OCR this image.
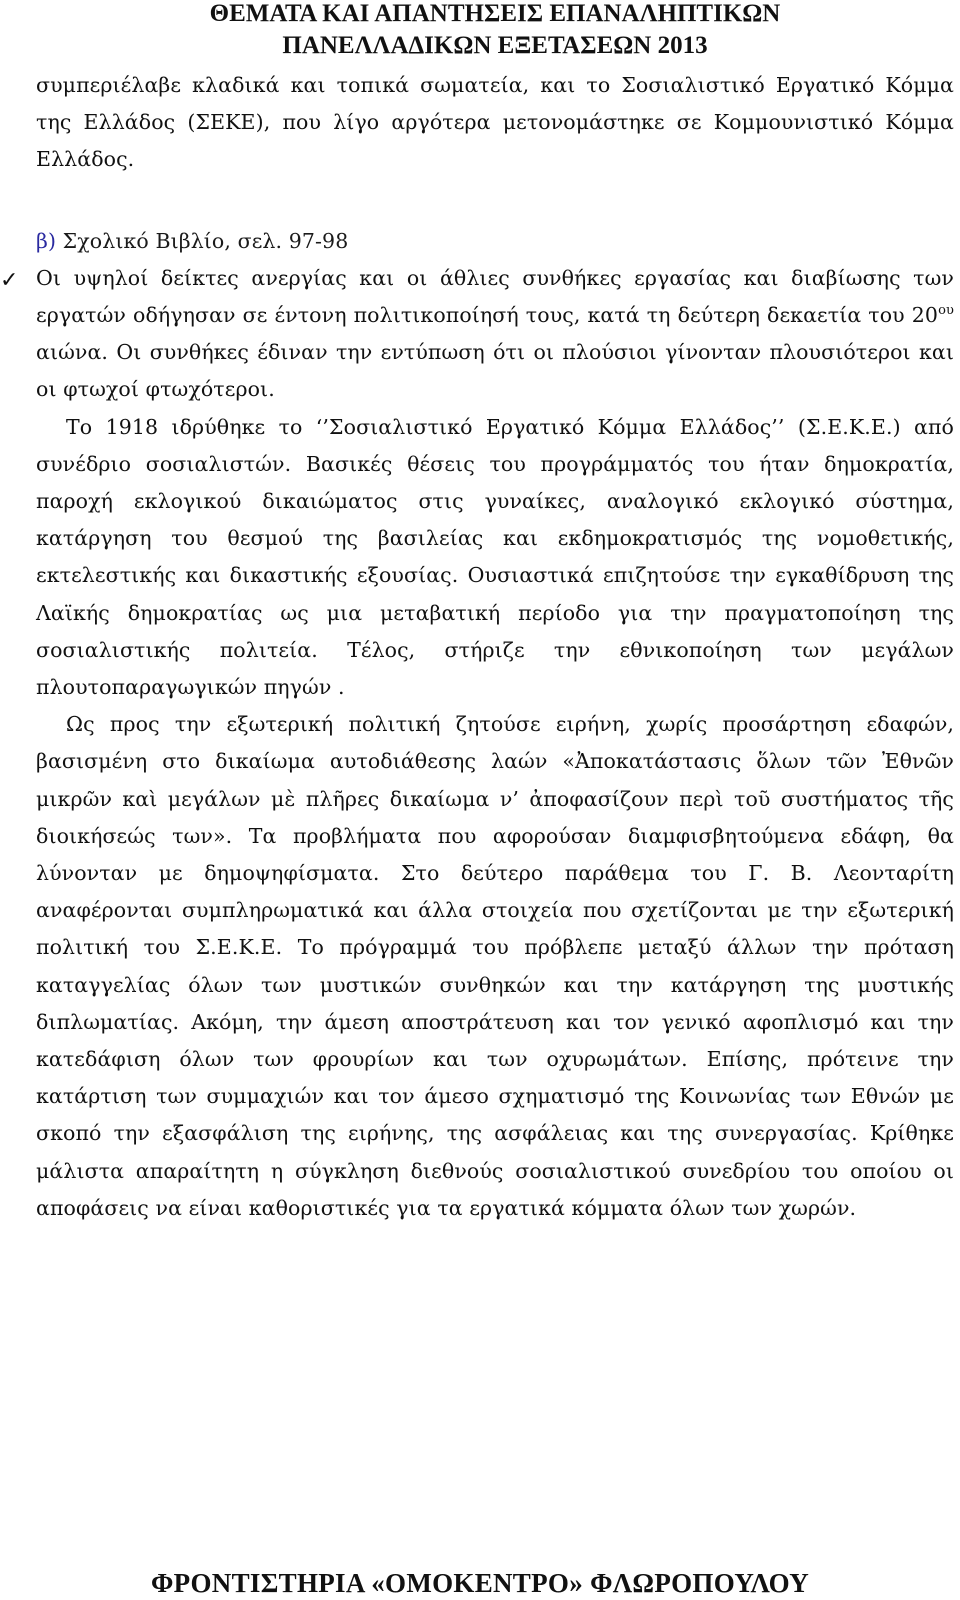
ΘΕΜΑΤΑ ΚΑΙ ΑΠΑΝΤΗΣΕΙΣ ΕΠΑΝΑΛΗΠΤΙΚΩΝ
ΠΑΝΕΛΛΑΔΙΚΩΝ ΕΞΕΤΑΣΕΩΝ 2013

συμπεριέλαβε κλαδικά και τοπικά σωματεία, και το Σοσιαλιστικό Εργατικό Κόμμα της Ελλάδος (ΣΕΚΕ), που λίγο αργότερα μετονομάστηκε σε Κομμουνιστικό Κόμμα Ελλάδος.

β) Σχολικό Βιβλίο, σελ. 97-98

✓ Οι υψηλοί δείκτες ανεργίας και οι άθλιες συνθήκες εργασίας και διαβίωσης των εργατών οδήγησαν σε έντονη πολιτικοποίησή τους, κατά τη δεύτερη δεκαετία του $20^{o\upsilon}$ αιώνα. Οι συνθήκες έδιναν την εντύπωση ότι οι πλούσιοι γίνονταν πλουσιότεροι και οι φτωχοί φτωχότεροι.

Το 1918 ιδρύθηκε το ‘’Σοσιαλιστικό Εργατικό Κόμμα Ελλάδος’’ (Σ.Ε.Κ.Ε.) από συνέδριο σοσιαλιστών. Βασικές θέσεις του προγράμματός του ήταν δημοκρατία, παροχή εκλογικού δικαιώματος στις γυναίκες, αναλογικό εκλογικό σύστημα, κατάργηση του θεσμού της βασιλείας και εκδημοκρατισμός της νομοθετικής, εκτελεστικής και δικαστικής εξουσίας. Ουσιαστικά επιζητούσε την εγκαθίδρυση της Λαϊκής δημοκρατίας ως μια μεταβατική περίοδο για την πραγματοποίηση της σοσιαλιστικής πολιτεία. Τέλος, στήριζε την εθνικοποίηση των μεγάλων πλουτοπαραγωγικών πηγών .

Ως προς την εξωτερική πολιτική ζητούσε ειρήνη, χωρίς προσάρτηση εδαφών, βασισμένη στο δικαίωμα αυτοδιάθεσης λαών «Ἀποκατάστασις ὅλων τῶν Ἐθνῶν μικρῶν καὶ μεγάλων μὲ πλῆρες δικαίωμα ν’ ἀποφασίζουν περὶ τοῦ συστήματος τῆς διοικήσεώς των». Τα προβλήματα που αφορούσαν διαμφισβητούμενα εδάφη, θα λύνονταν με δημοψηφίσματα. Στο δεύτερο παράθεμα του Γ. Β. Λεονταρίτη αναφέρονται συμπληρωματικά και άλλα στοιχεία που σχετίζονται με την εξωτερική πολιτική του Σ.Ε.Κ.Ε. Το πρόγραμμά του πρόβλεπε μεταξύ άλλων την πρόταση καταγγελίας όλων των μυστικών συνθηκών και την κατάργηση της μυστικής διπλωματίας. Ακόμη, την άμεση αποστράτευση και τον γενικό αφοπλισμό και την κατεδάφιση όλων των φρουρίων και των οχυρωμάτων. Επίσης, πρότεινε την κατάρτιση των συμμαχιών και τον άμεσο σχηματισμό της Κοινωνίας των Εθνών με σκοπό την εξασφάλιση της ειρήνης, της ασφάλειας και της συνεργασίας. Κρίθηκε μάλιστα απαραίτητη η σύγκληση διεθνούς σοσιαλιστικού συνεδρίου του οποίου οι αποφάσεις να είναι καθοριστικές για τα εργατικά κόμματα όλων των χωρών.

ΦΡΟΝΤΙΣΤΗΡΙΑ «ΟΜΟΚΕΝΤΡΟ» ΦΛΩΡΟΠΟΥΛΟΥ
